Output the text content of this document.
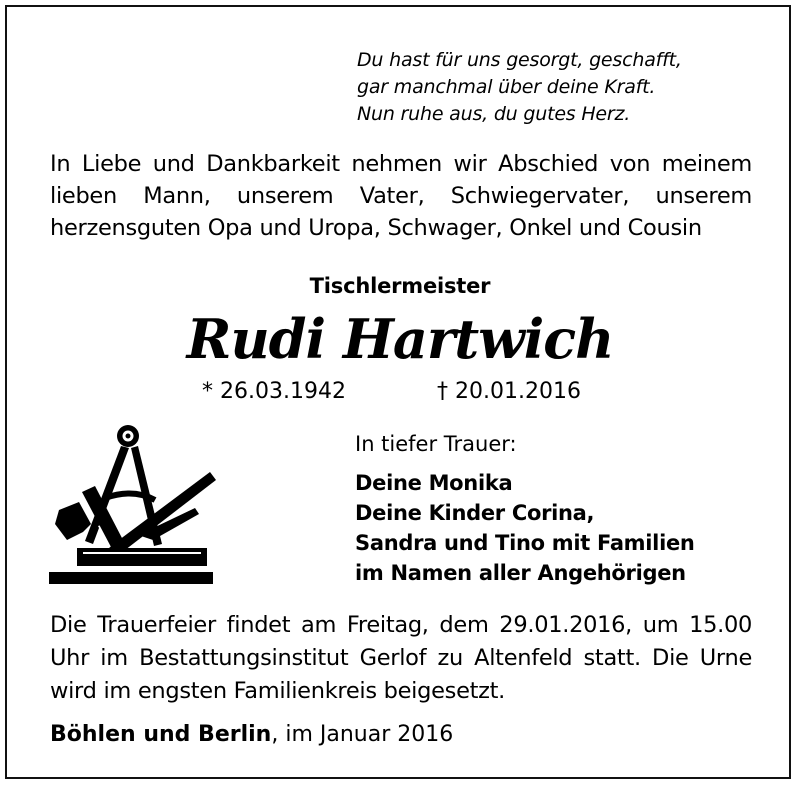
Du hast für uns gesorgt, geschafft,
gar manchmal über deine Kraft.
Nun ruhe aus, du gutes Herz.
In Liebe und Dankbarkeit nehmen wir Abschied von meinem lieben Mann, unserem Vater, Schwiegervater, unserem herzensguten Opa und Uropa, Schwager, Onkel und Cousin
Tischlermeister
Rudi Hartwich
* 26.03.1942	† 20.01.2016
In tiefer Trauer:
Deine Monika
Deine Kinder Corina,
Sandra und Tino mit Familien
im Namen aller Angehörigen
Die Trauerfeier findet am Freitag, dem 29.01.2016, um 15.00 Uhr im Bestattungsinstitut Gerlof zu Altenfeld statt. Die Urne wird im engsten Familienkreis beigesetzt.
Böhlen und Berlin, im Januar 2016
